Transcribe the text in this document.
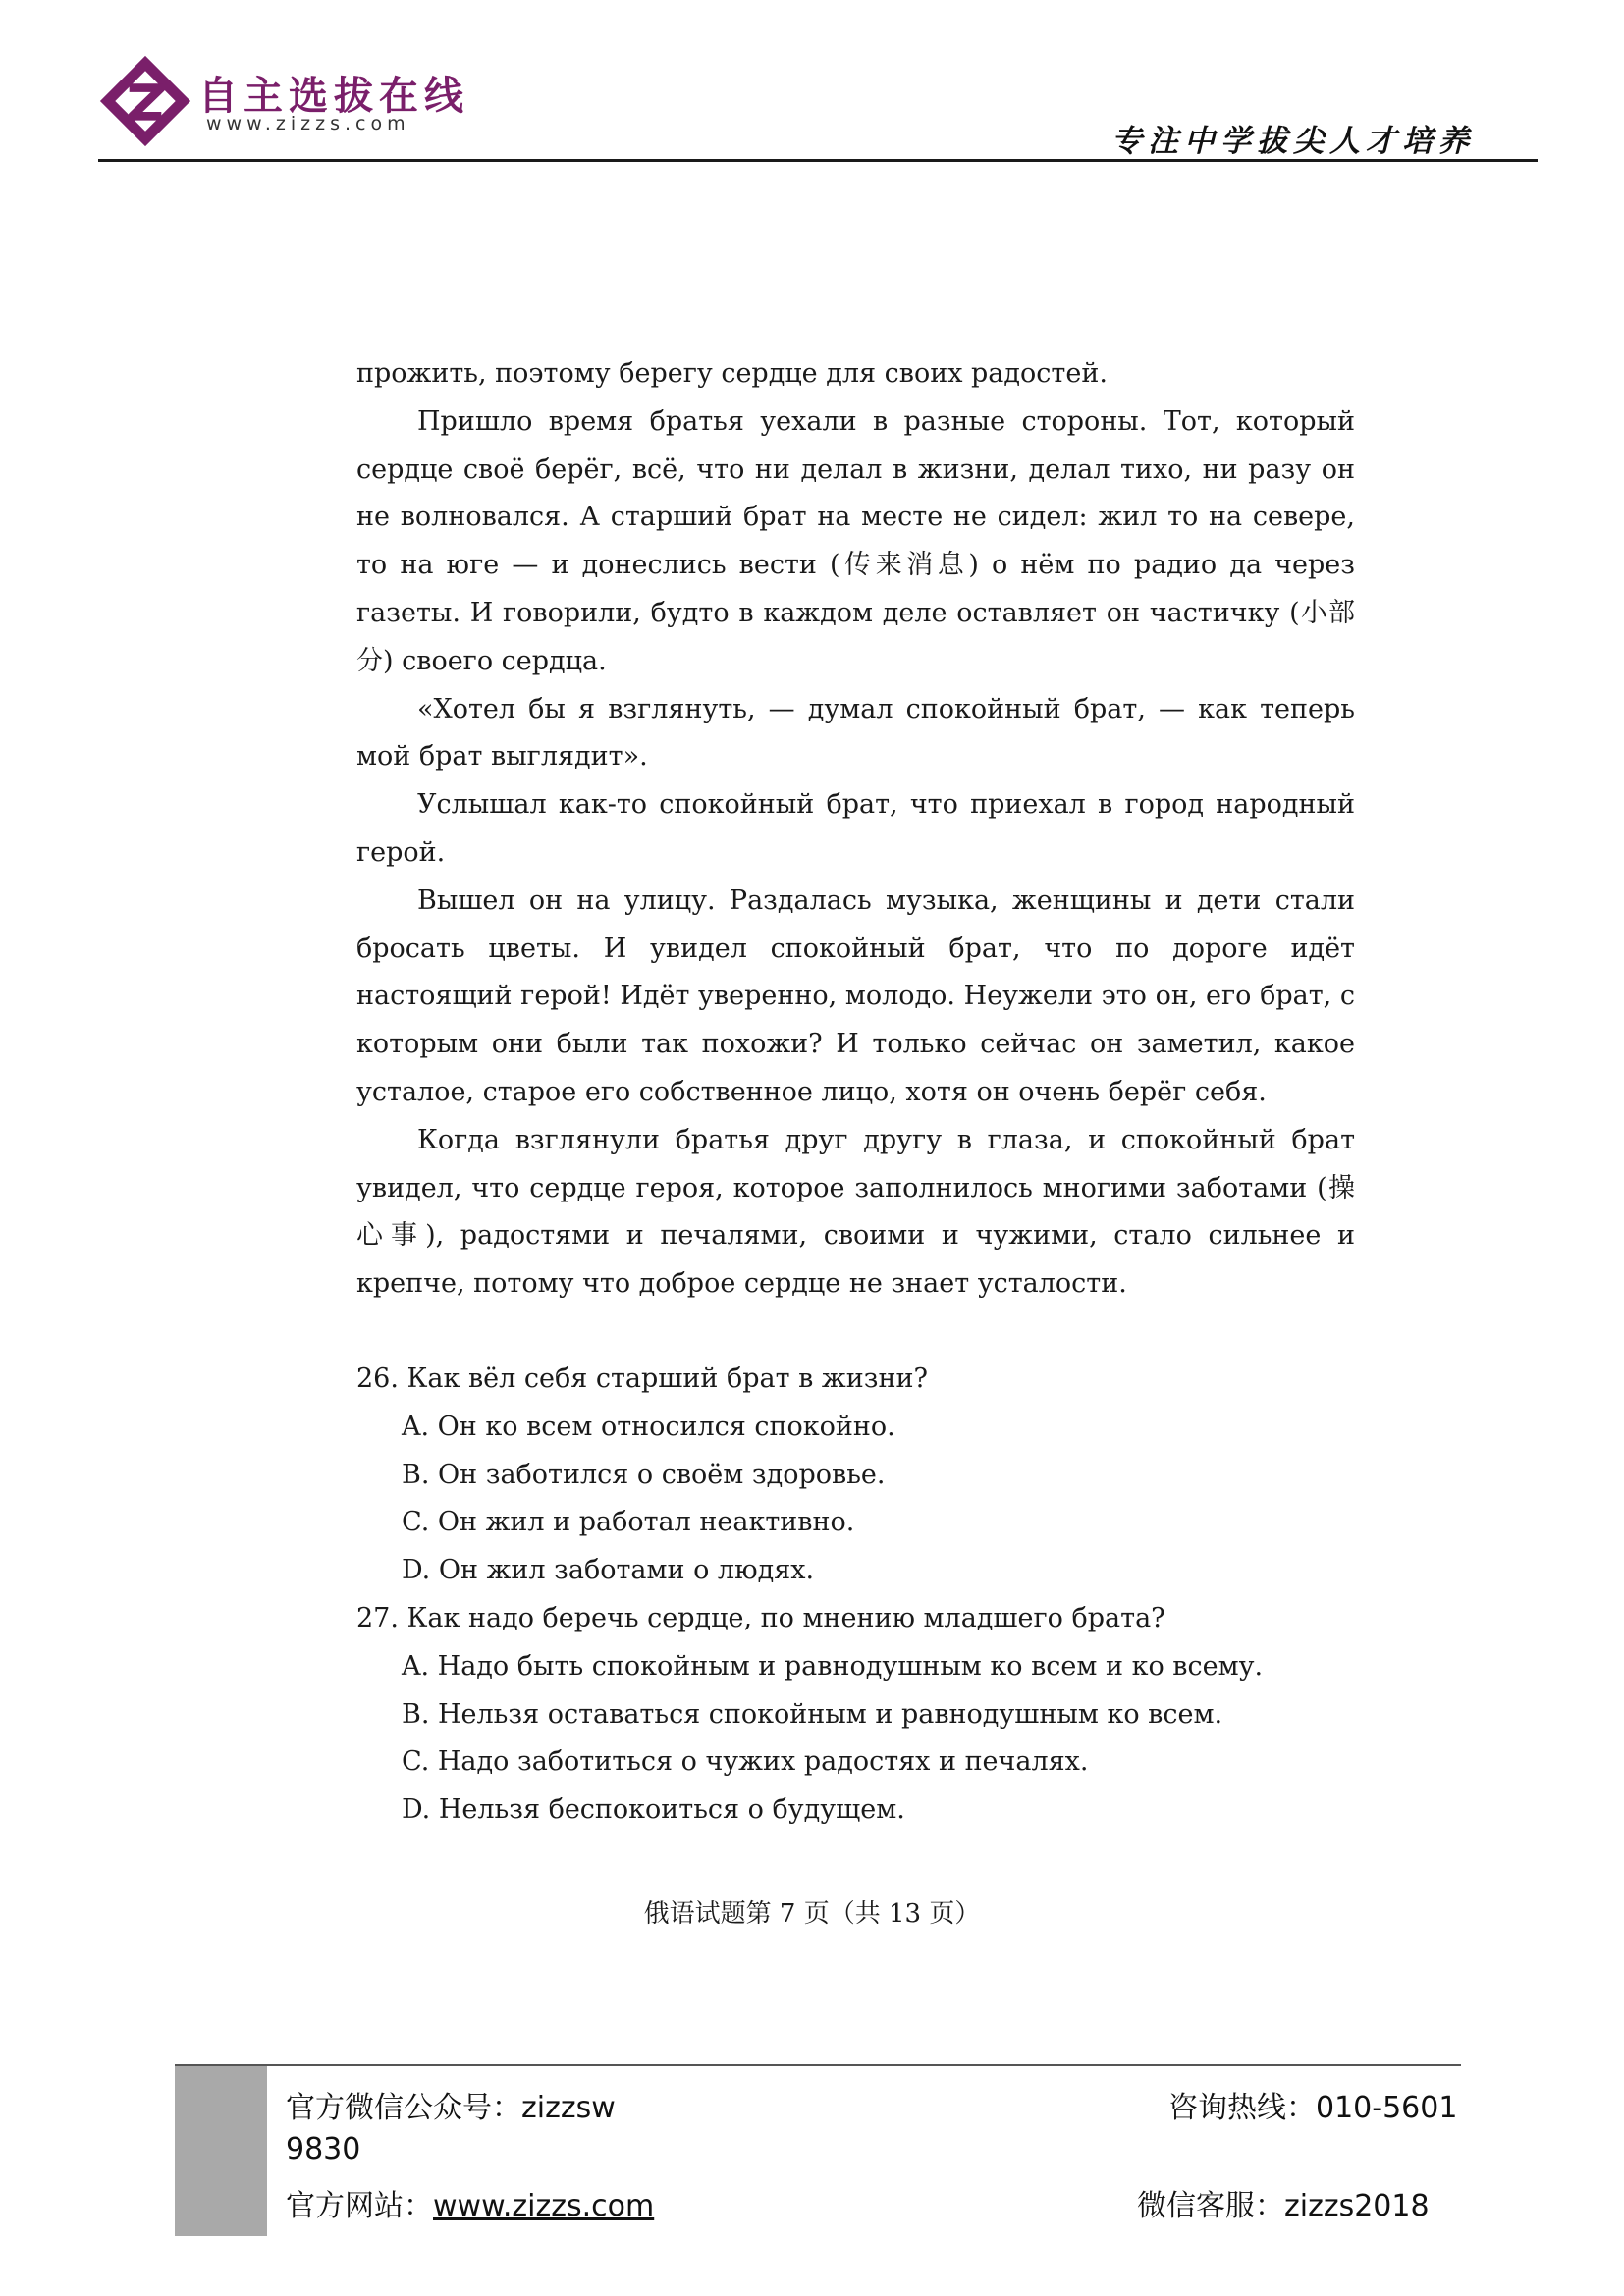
自主选拔在线
www.zizzs.com	专注中学拔尖人才培养

прожить, поэтому берегу сердце для своих радостей.

Пришло время братья уехали в разные стороны. Тот, который сердце своё берёг, всё, что ни делал в жизни, делал тихо, ни разу он не волновался. А старший брат на месте не сидел: жил то на севере, то на юге — и донеслись вести (传来消息) о нём по радио да через газеты. И говорили, будто в каждом деле оставляет он частичку (小部分) своего сердца.

«Хотел бы я взглянуть, — думал спокойный брат, — как теперь мой брат выглядит».

Услышал как-то спокойный брат, что приехал в город народный герой.

Вышел он на улицу. Раздалась музыка, женщины и дети стали бросать цветы. И увидел спокойный брат, что по дороге идёт настоящий герой! Идёт уверенно, молодо. Неужели это он, его брат, с которым они были так похожи? И только сейчас он заметил, какое усталое, старое его собственное лицо, хотя он очень берёг себя.

Когда взглянули братья друг другу в глаза, и спокойный брат увидел, что сердце героя, которое заполнилось многими заботами (操心事), радостями и печалями, своими и чужими, стало сильнее и крепче, потому что доброе сердце не знает усталости.

26. Как вёл себя старший брат в жизни?

A. Он ко всем относился спокойно.

B. Он заботился о своём здоровье.

C. Он жил и работал неактивно.

D. Он жил заботами о людях.

27. Как надо беречь сердце, по мнению младшего брата?

A. Надо быть спокойным и равнодушным ко всем и ко всему.

B. Нельзя оставаться спокойным и равнодушным ко всем.

C. Надо заботиться о чужих радостях и печалях.

D. Нельзя беспокоиться о будущем.

俄语试题第 7 页（共 13 页）
官方微信公众号：zizzsw
9830
咨询热线：010-5601
官方网站：www.zizzs.com	微信客服：zizzs2018
